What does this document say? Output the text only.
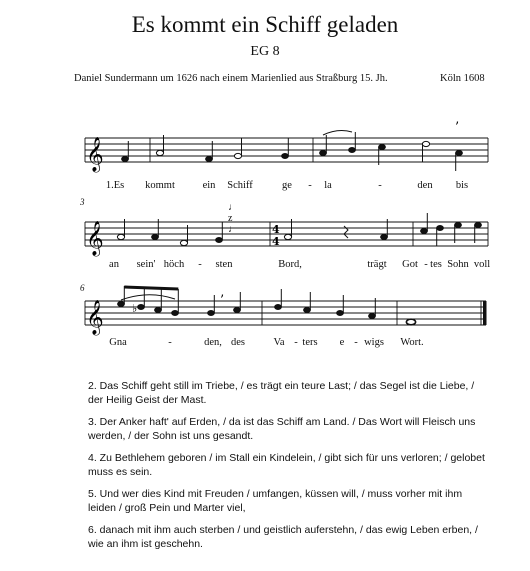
Es kommt ein Schiff geladen
EG 8
Daniel Sundermann um 1626 nach einem Marienlied aus Straßburg 15. Jh.	Köln 1608
𝄞
’
1.Es kommt	ein Schiff	ge - la	-	den bis
3	♩ z ♩
𝄞	4
4
an sein' höch - sten	Bord,	trägt Got - tes Sohn voll
6
𝄞	♭
’
Gna	-	den, des	Va - ters e - wigs Wort.

2. Das Schiff geht still im Triebe, / es trägt ein teure Last; / das Segel ist die Liebe, / der Heilig Geist der Mast.

3. Der Anker haft' auf Erden, / da ist das Schiff am Land. / Das Wort will Fleisch uns werden, / der Sohn ist uns gesandt.

4. Zu Bethlehem geboren / im Stall ein Kindelein, / gibt sich für uns verloren; / gelobet muss es sein.

5. Und wer dies Kind mit Freuden / umfangen, küssen will, / muss vorher mit ihm leiden / groß Pein und Marter viel,

6. danach mit ihm auch sterben / und geistlich auferstehn, / das ewig Leben erben, / wie an ihm ist geschehn.
